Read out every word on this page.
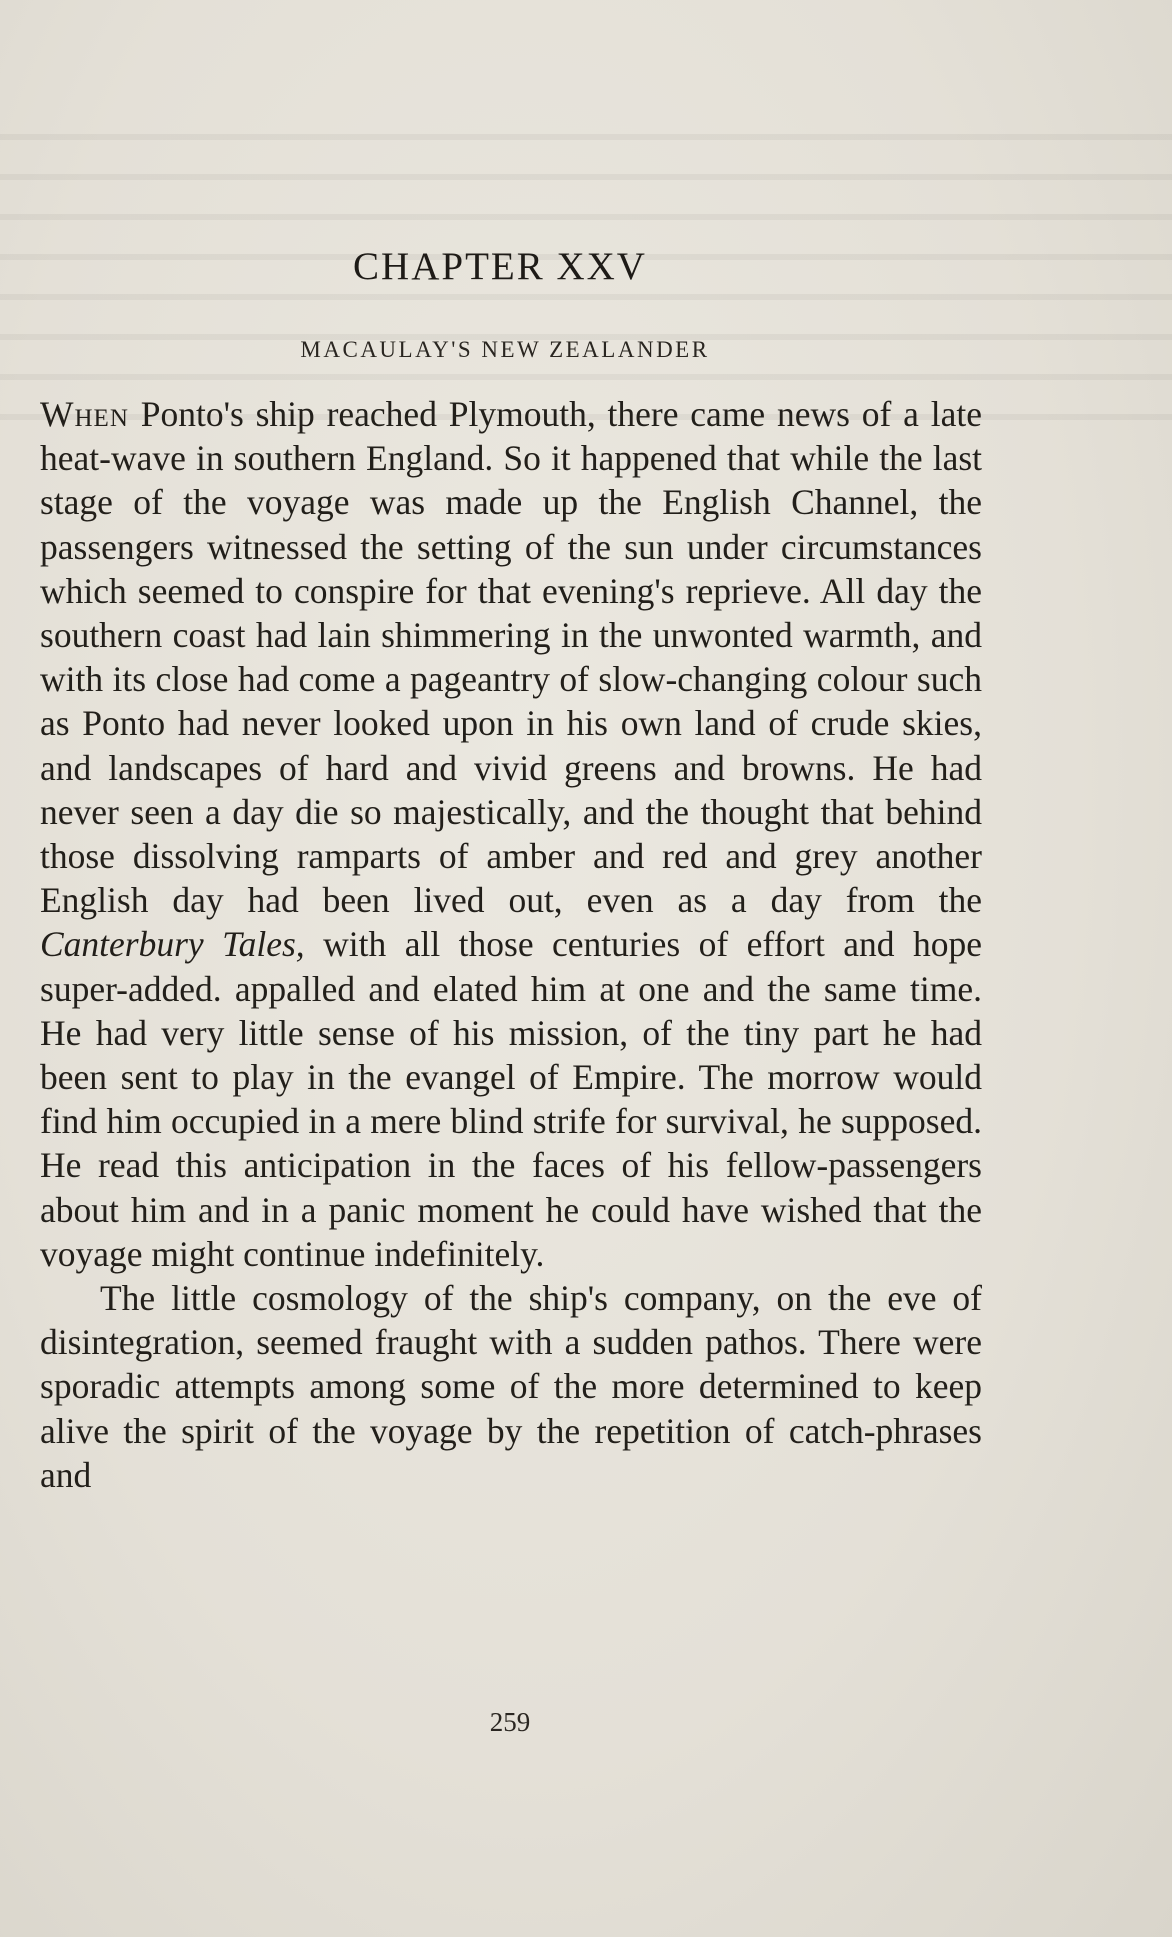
CHAPTER XXV
MACAULAY'S NEW ZEALANDER

When Ponto's ship reached Plymouth, there came news of a late heat-wave in southern England. So it happened that while the last stage of the voyage was made up the English Channel, the passengers witnessed the setting of the sun under circumstances which seemed to conspire for that evening's reprieve. All day the southern coast had lain shimmering in the unwonted warmth, and with its close had come a pageantry of slow-changing colour such as Ponto had never looked upon in his own land of crude skies, and landscapes of hard and vivid greens and browns. He had never seen a day die so majestically, and the thought that behind those dissolving ramparts of amber and red and grey another English day had been lived out, even as a day from the Canterbury Tales, with all those centuries of effort and hope super-added. appalled and elated him at one and the same time. He had very little sense of his mission, of the tiny part he had been sent to play in the evangel of Empire. The morrow would find him occupied in a mere blind strife for survival, he supposed. He read this anticipation in the faces of his fellow-passengers about him and in a panic moment he could have wished that the voyage might continue indefinitely.

The little cosmology of the ship's company, on the eve of disintegration, seemed fraught with a sudden pathos. There were sporadic attempts among some of the more determined to keep alive the spirit of the voyage by the repetition of catch-phrases and

259
